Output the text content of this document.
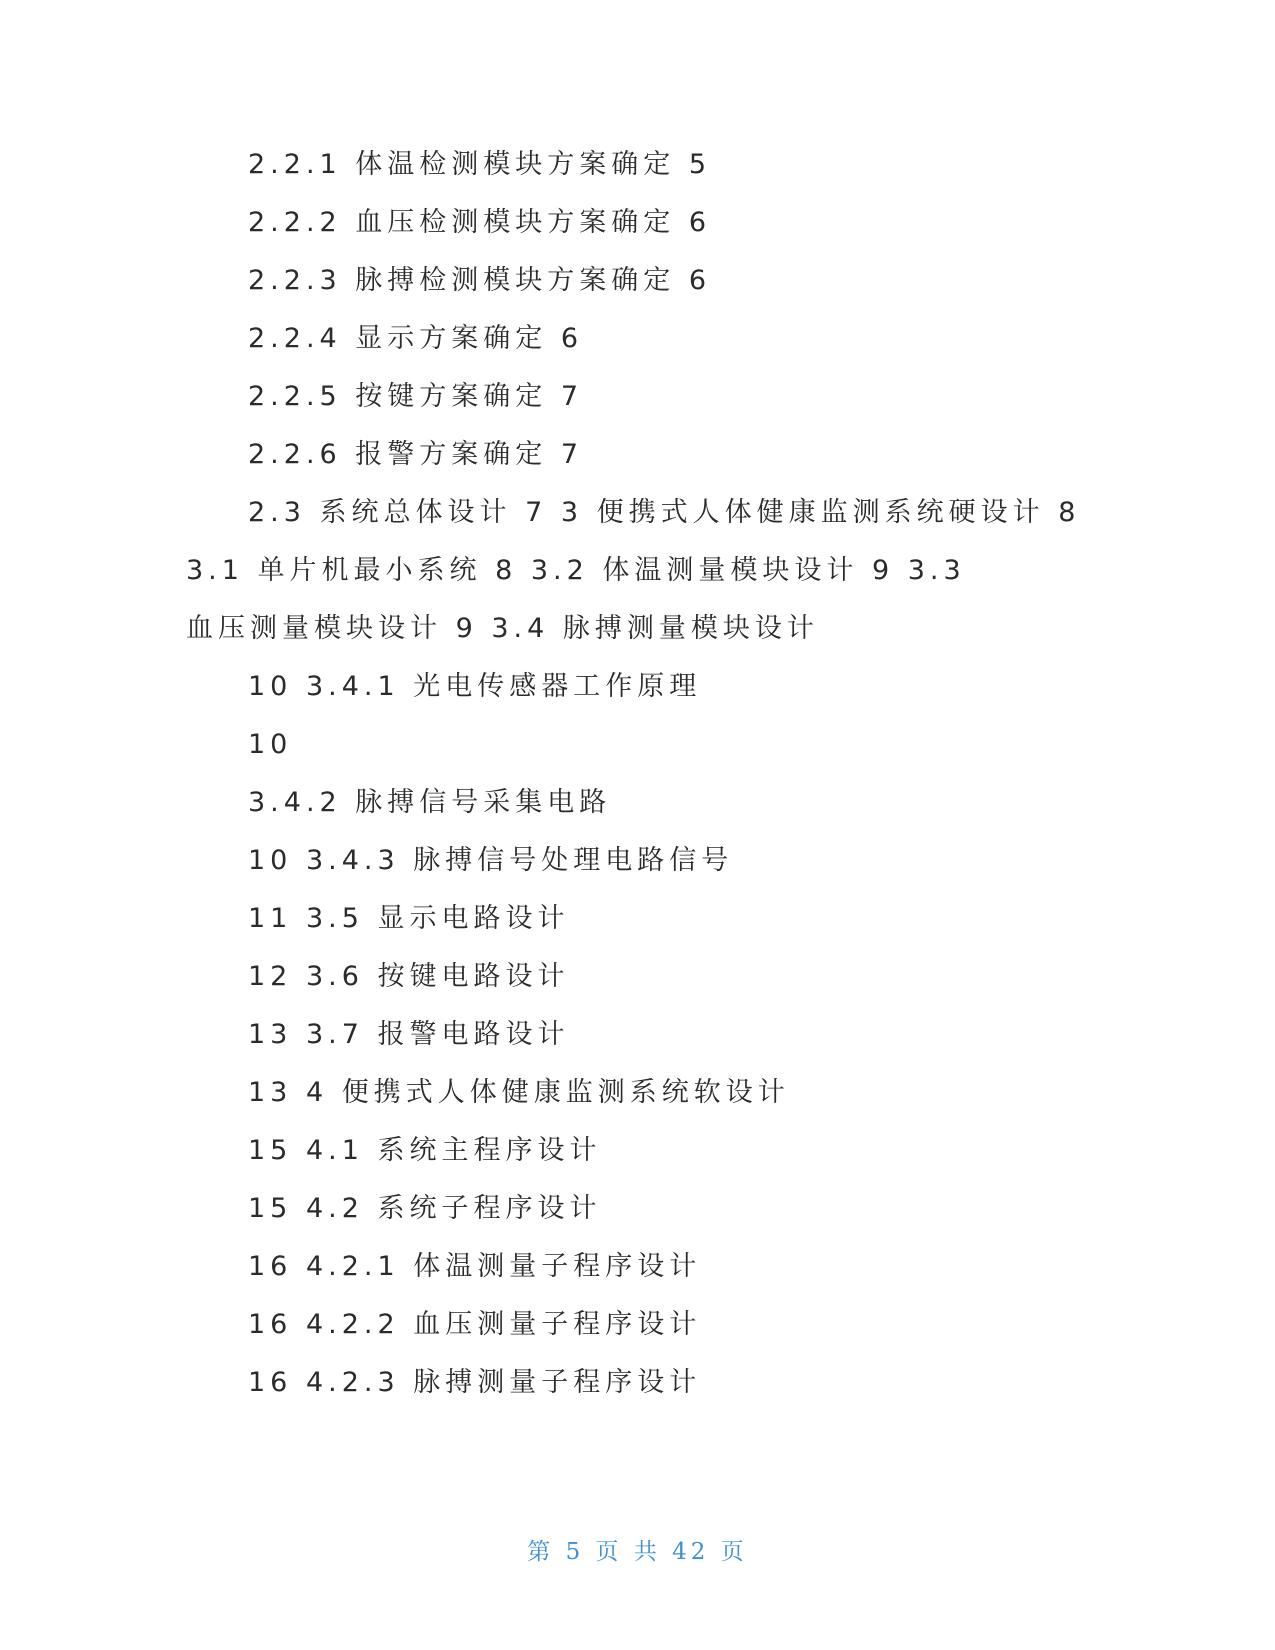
2.2.1 体温检测模块方案确定 5
2.2.2 血压检测模块方案确定 6
2.2.3 脉搏检测模块方案确定 6
2.2.4 显示方案确定 6
2.2.5 按键方案确定 7
2.2.6 报警方案确定 7
2.3 系统总体设计 7 3 便携式人体健康监测系统硬设计 8
3.1 单片机最小系统 8 3.2 体温测量模块设计 9 3.3
血压测量模块设计 9 3.4 脉搏测量模块设计
10 3.4.1 光电传感器工作原理
10
3.4.2 脉搏信号采集电路
10 3.4.3 脉搏信号处理电路信号
11 3.5 显示电路设计
12 3.6 按键电路设计
13 3.7 报警电路设计
13 4 便携式人体健康监测系统软设计
15 4.1 系统主程序设计
15 4.2 系统子程序设计
16 4.2.1 体温测量子程序设计
16 4.2.2 血压测量子程序设计
16 4.2.3 脉搏测量子程序设计
第 5 页 共 42 页
